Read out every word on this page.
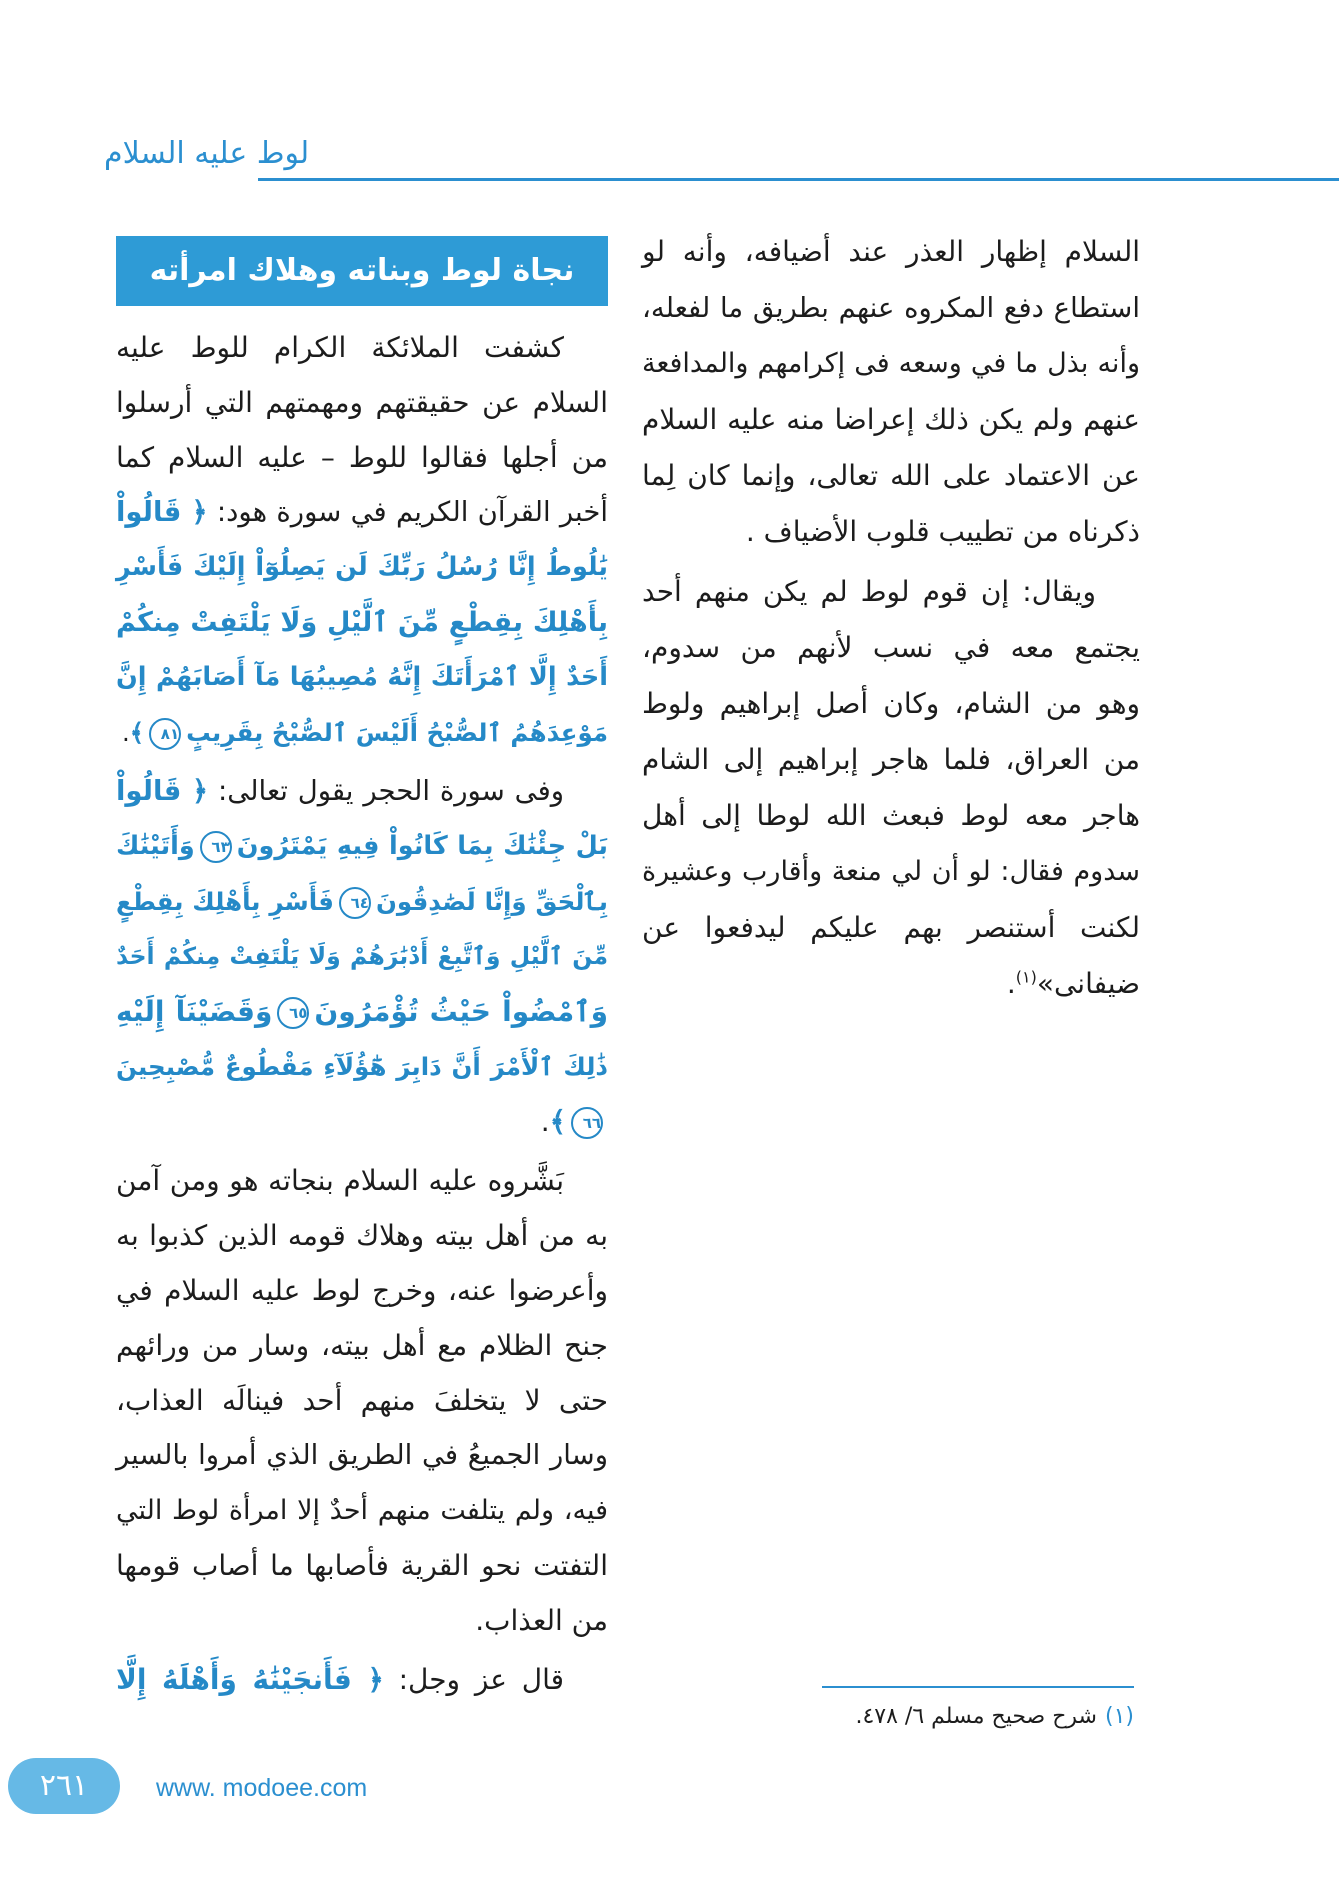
لوط عليه السلام
السلام إظهار العذر عند أضيافه، وأنه لو
استطاع دفع المكروه عنهم بطريق ما لفعله،
وأنه بذل ما في وسعه فى إكرامهم والمدافعة
عنهم ولم يكن ذلك إعراضا منه عليه السلام
عن الاعتماد على الله تعالى، وإنما كان لِما
ذكرناه من تطييب قلوب الأضياف .
ويقال: إن قوم لوط لم يكن منهم أحد
يجتمع معه في نسب لأنهم من سدوم،
وهو من الشام، وكان أصل إبراهيم ولوط
من العراق، فلما هاجر إبراهيم إلى الشام
هاجر معه لوط فبعث الله لوطا إلى أهل
سدوم فقال: لو أن لي منعة وأقارب وعشيرة
لكنت أستنصر بهم عليكم ليدفعوا عن
ضيفانى»$^{(١)}$.
نجاة لوط وبناته وهلاك امرأته
كشفت الملائكة الكرام للوط عليه
السلام عن حقيقتهم ومهمتهم التي أرسلوا
من أجلها فقالوا للوط – عليه السلام كما
أخبر القرآن الكريم في سورة هود: ﴿ قَالُواْ
يَٰلُوطُ إِنَّا رُسُلُ رَبِّكَ لَن يَصِلُوٓاْ إِلَيْكَ فَأَسْرِ
بِأَهْلِكَ بِقِطْعٍ مِّنَ ٱلَّيْلِ وَلَا يَلْتَفِتْ مِنكُمْ
أَحَدٌ إِلَّا ٱمْرَأَتَكَ إِنَّهُ مُصِيبُهَا مَآ أَصَابَهُمْ إِنَّ
مَوْعِدَهُمُ ٱلصُّبْحُ أَلَيْسَ ٱلصُّبْحُ بِقَرِيبٍ٨١﴾.
وفى سورة الحجر يقول تعالى: ﴿ قَالُواْ
بَلْ جِئْنَٰكَ بِمَا كَانُواْ فِيهِ يَمْتَرُونَ٦٣وَأَتَيْنَٰكَ
بِٱلْحَقِّ وَإِنَّا لَصَٰدِقُونَ٦٤فَأَسْرِ بِأَهْلِكَ بِقِطْعٍ
مِّنَ ٱلَّيْلِ وَٱتَّبِعْ أَدْبَٰرَهُمْ وَلَا يَلْتَفِتْ مِنكُمْ أَحَدٌ
وَٱمْضُواْ حَيْثُ تُؤْمَرُونَ٦٥وَقَضَيْنَآ إِلَيْهِ
ذَٰلِكَ ٱلْأَمْرَ أَنَّ دَابِرَ هَٰٓؤُلَآءِ مَقْطُوعٌ مُّصْبِحِينَ
٦٦﴾.
بَشَّروه عليه السلام بنجاته هو ومن آمن
به من أهل بيته وهلاك قومه الذين كذبوا به
وأعرضوا عنه، وخرج لوط عليه السلام في
جنح الظلام مع أهل بيته، وسار من ورائهم
حتى لا يتخلفَ منهم أحد فينالَه العذاب،
وسار الجميعُ في الطريق الذي أمروا بالسير
فيه، ولم يتلفت منهم أحدٌ إلا امرأة لوط التي
التفتت نحو القرية فأصابها ما أصاب قومها
من العذاب.
قال عز وجل: ﴿ فَأَنجَيْنَٰهُ وَأَهْلَهُ إِلَّا
(١)شرح صحيح مسلم ٦/ ٤٧٨.
٢٦١	www. modoee.com
